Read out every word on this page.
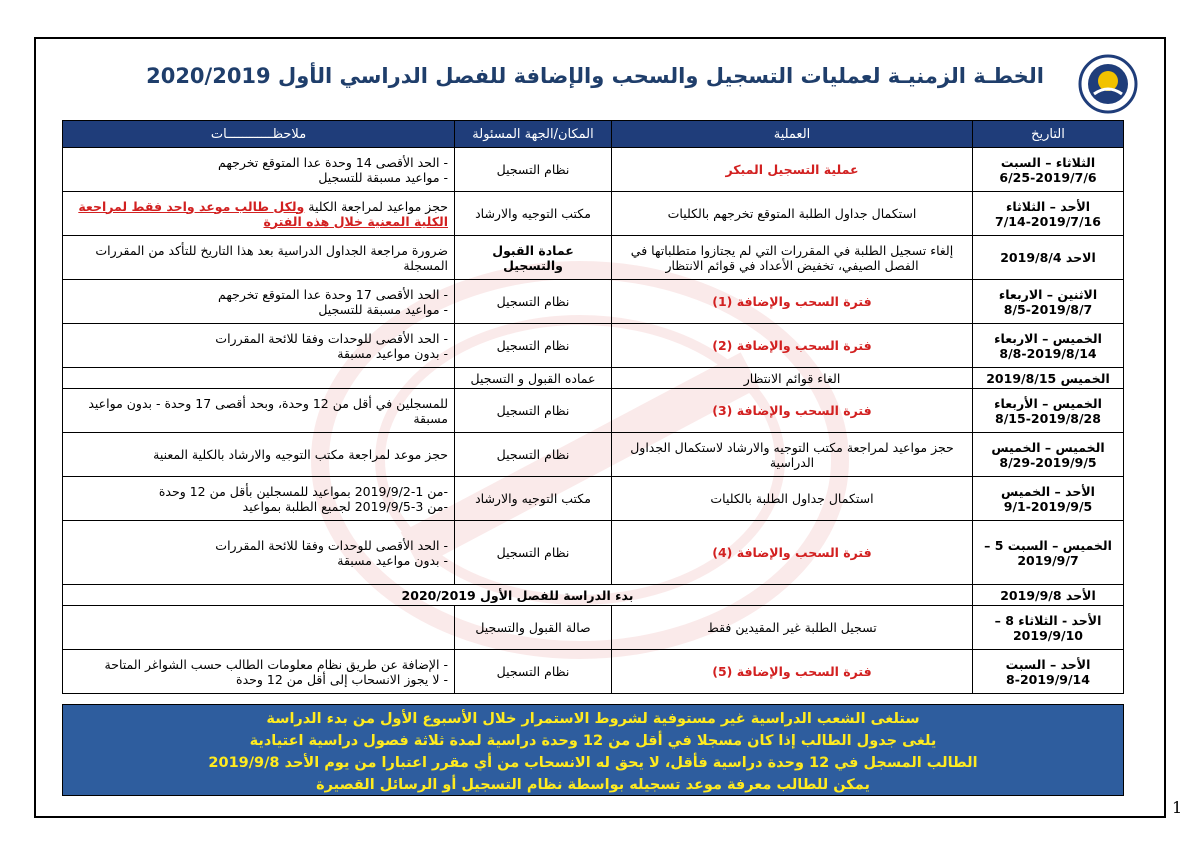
الخطـة الزمنيـة لعمليات التسجيل والسحب والإضافة للفصل الدراسي الأول 2020/2019
التاريخ	العملية	المكان/الجهة المسئولة	ملاحظــــــــــــات
الثلاثاء – السبت 2019/7/6-6/25	عملية التسجيل المبكر	نظام التسجيل	- الحد الأقصى 14 وحدة عدا المتوقع تخرجهم
- مواعيد مسبقة للتسجيل

الأحد – الثلاثاء 2019/7/16-7/14	استكمال جداول الطلبة المتوقع تخرجهم بالكليات	مكتب التوجيه والارشاد	حجز مواعيد لمراجعة الكلية ولكل طالب موعد واحد فقط لمراجعة الكلية المعنية خلال هذه الفترة
الاحد 2019/8/4	إلغاء تسجيل الطلبة في المقررات التي لم يجتازوا متطلباتها في الفصل الصيفي، تخفيض الأعداد في قوائم الانتظار	عمادة القبول والتسجيل	ضرورة مراجعة الجداول الدراسية بعد هذا التاريخ للتأكد من المقررات المسجلة

الاثنين – الاربعاء 2019/8/7-8/5	فترة السحب والإضافة (1)	نظام التسجيل	- الحد الأقصى 17 وحدة عدا المتوقع تخرجهم
- مواعيد مسبقة للتسجيل

الخميس – الاربعاء 2019/8/14-8/8	فترة السحب والإضافة (2)	نظام التسجيل	- الحد الأقصى للوحدات وفقا للائحة المقررات
- بدون مواعيد مسبقة

الخميس 2019/8/15	الغاء قوائم الانتظار	عماده القبول و التسجيل	
الخميس – الأربعاء 2019/8/28-8/15	فترة السحب والإضافة (3)	نظام التسجيل	للمسجلين في أقل من 12 وحدة، وبحد أقصى 17 وحدة - بدون مواعيد مسبقة

الخميس – الخميس 2019/9/5-8/29	حجز مواعيد لمراجعة مكتب التوجيه والارشاد لاستكمال الجداول الدراسية	نظام التسجيل	حجز موعد لمراجعة مكتب التوجيه والارشاد بالكلية المعنية

الأحد – الخميس 2019/9/5-9/1	استكمال جداول الطلبة بالكليات	مكتب التوجيه والارشاد	-من 1-2019/9/2 بمواعيد للمسجلين بأقل من 12 وحدة
-من 3-2019/9/5 لجميع الطلبة بمواعيد

الخميس – السبت 5 – 2019/9/7	فترة السحب والإضافة (4)	نظام التسجيل	- الحد الأقصى للوحدات وفقا للائحة المقررات
- بدون مواعيد مسبقة

الأحد 2019/9/8	بدء الدراسة للفصل الأول 2020/2019		
الأحد - الثلاثاء 8 – 2019/9/10	تسجيل الطلبة غير المقيدين فقط	صالة القبول والتسجيل	
الأحد – السبت 2019/9/14-8	فترة السحب والإضافة (5)	نظام التسجيل	- الإضافة عن طريق نظام معلومات الطالب حسب الشواغر المتاحة
- لا يجوز الانسحاب إلى أقل من 12 وحدة
ستلغى الشعب الدراسية غير مستوفية لشروط الاستمرار خلال الأسبوع الأول من بدء الدراسة
يلغى جدول الطالب إذا كان مسجلا في أقل من 12 وحدة دراسية لمدة ثلاثة فصول دراسية اعتيادية
الطالب المسجل في 12 وحدة دراسية فأقل، لا يحق له الانسحاب من أي مقرر اعتبارا من يوم الأحد 2019/9/8
يمكن للطالب معرفة موعد تسجيله بواسطة نظام التسجيل أو الرسائل القصيرة
1
